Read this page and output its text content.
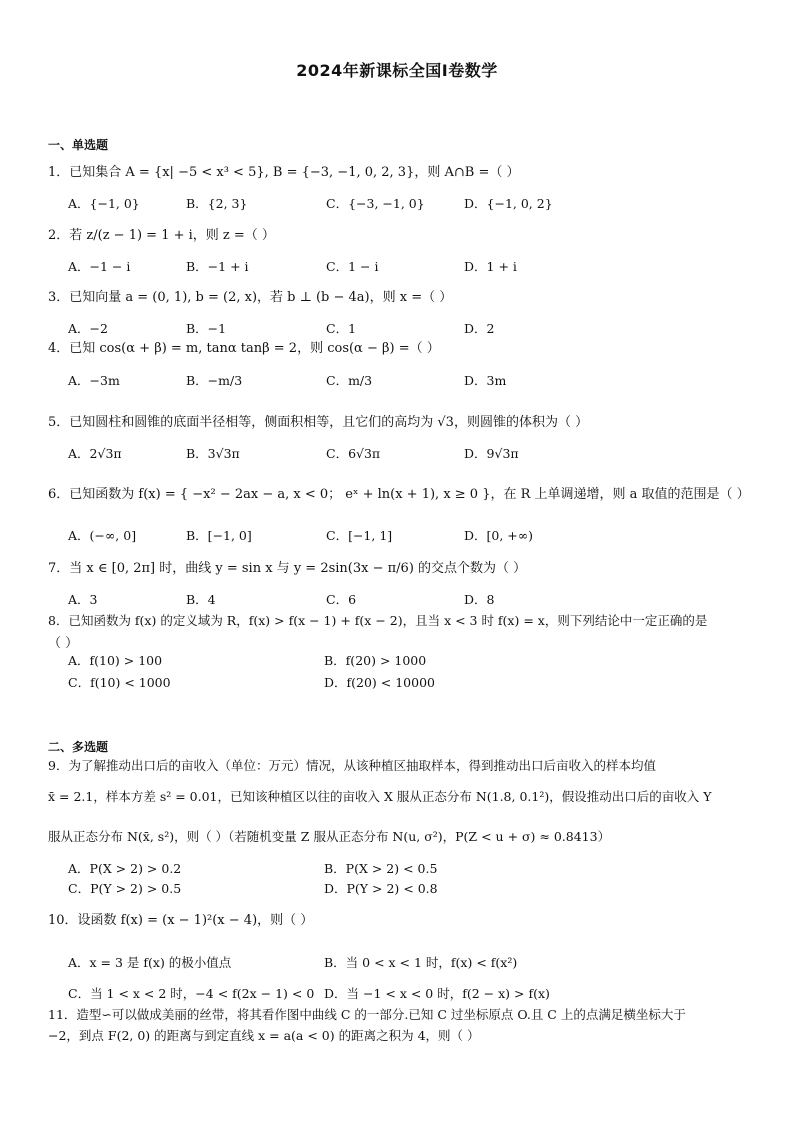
2024年新课标全国Ⅰ卷数学
一、单选题
1．已知集合 A = {x| −5 < x³ < 5}, B = {−3, −1, 0, 2, 3}，则 A∩B =（ ）
A．{−1, 0}	B．{2, 3}	C．{−3, −1, 0}	D．{−1, 0, 2}
2．若 z/(z − 1) = 1 + i，则 z =（ ）
A．−1 − i	B．−1 + i	C．1 − i	D．1 + i
3．已知向量 a = (0, 1), b = (2, x)，若 b ⊥ (b − 4a)，则 x =（ ）
A．−2	B．−1	C．1	D．2
4．已知 cos(α + β) = m, tanα tanβ = 2，则 cos(α − β) =（ ）
A．−3m	B．−m/3	C．m/3	D．3m
5．已知圆柱和圆锥的底面半径相等，侧面积相等，且它们的高均为 √3，则圆锥的体积为（ ）
A．2√3π	B．3√3π	C．6√3π	D．9√3π
6．已知函数为 f(x) = { −x² − 2ax − a, x < 0； eˣ + ln(x + 1), x ≥ 0 }，在 R 上单调递增，则 a 取值的范围是（ ）
A．(−∞, 0]	B．[−1, 0]	C．[−1, 1]	D．[0, +∞)
7．当 x ∈ [0, 2π] 时，曲线 y = sin x 与 y = 2sin(3x − π/6) 的交点个数为（ ）
A．3	B．4	C．6	D．8
8．已知函数为 f(x) 的定义域为 R，f(x) > f(x − 1) + f(x − 2)，且当 x < 3 时 f(x) = x，则下列结论中一定正确的是
（ ）
A．f(10) > 100	B．f(20) > 1000
C．f(10) < 1000	D．f(20) < 10000
二、多选题
9．为了解推动出口后的亩收入（单位：万元）情况，从该种植区抽取样本，得到推动出口后亩收入的样本均值
x̄ = 2.1，样本方差 s² = 0.01，已知该种植区以往的亩收入 X 服从正态分布 N(1.8, 0.1²)，假设推动出口后的亩收入 Y
服从正态分布 N(x̄, s²)，则（ ）（若随机变量 Z 服从正态分布 N(u, σ²)，P(Z < u + σ) ≈ 0.8413）
A．P(X > 2) > 0.2	B．P(X > 2) < 0.5
C．P(Y > 2) > 0.5	D．P(Y > 2) < 0.8
10．设函数 f(x) = (x − 1)²(x − 4)，则（ ）
A．x = 3 是 f(x) 的极小值点	B．当 0 < x < 1 时，f(x) < f(x²)
C．当 1 < x < 2 时，−4 < f(2x − 1) < 0 D．当 −1 < x < 0 时，f(2 − x) > f(x)
11．造型∽可以做成美丽的丝带，将其看作图中曲线 C 的一部分.已知 C 过坐标原点 O.且 C 上的点满足横坐标大于
−2，到点 F(2, 0) 的距离与到定直线 x = a(a < 0) 的距离之积为 4，则（ ）
